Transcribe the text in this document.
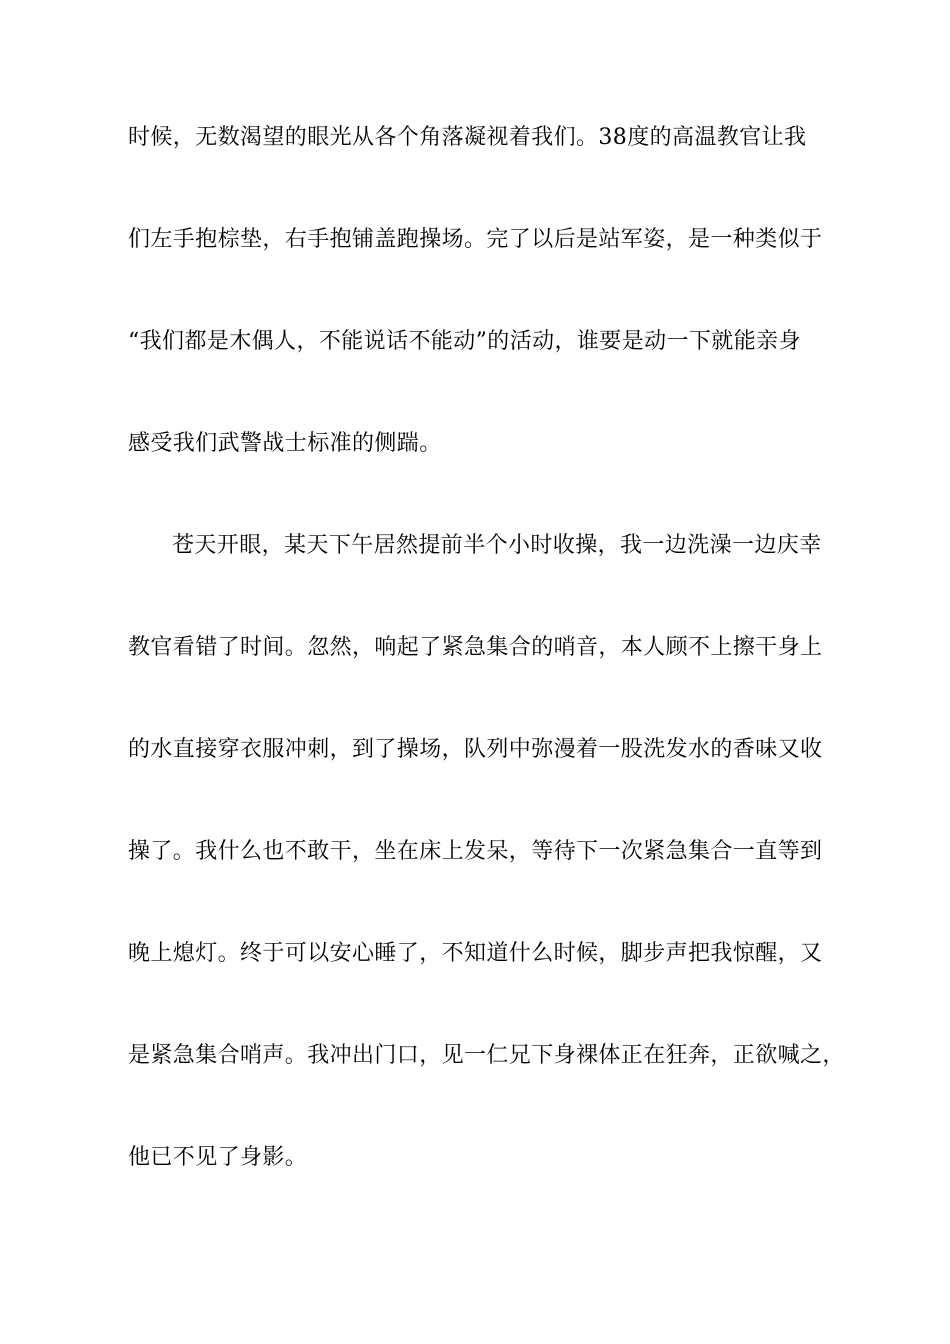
时候，无数渴望的眼光从各个角落凝视着我们。38度的高温教官让我
们左手抱棕垫，右手抱铺盖跑操场。完了以后是站军姿，是一种类似于
“我们都是木偶人，不能说话不能动”的活动，谁要是动一下就能亲身
感受我们武警战士标准的侧踹。
苍天开眼，某天下午居然提前半个小时收操，我一边洗澡一边庆幸
教官看错了时间。忽然，响起了紧急集合的哨音，本人顾不上擦干身上
的水直接穿衣服冲刺，到了操场，队列中弥漫着一股洗发水的香味又收
操了。我什么也不敢干，坐在床上发呆，等待下一次紧急集合一直等到
晚上熄灯。终于可以安心睡了，不知道什么时候，脚步声把我惊醒，又
是紧急集合哨声。我冲出门口，见一仁兄下身裸体正在狂奔，正欲喊之，
他已不见了身影。
